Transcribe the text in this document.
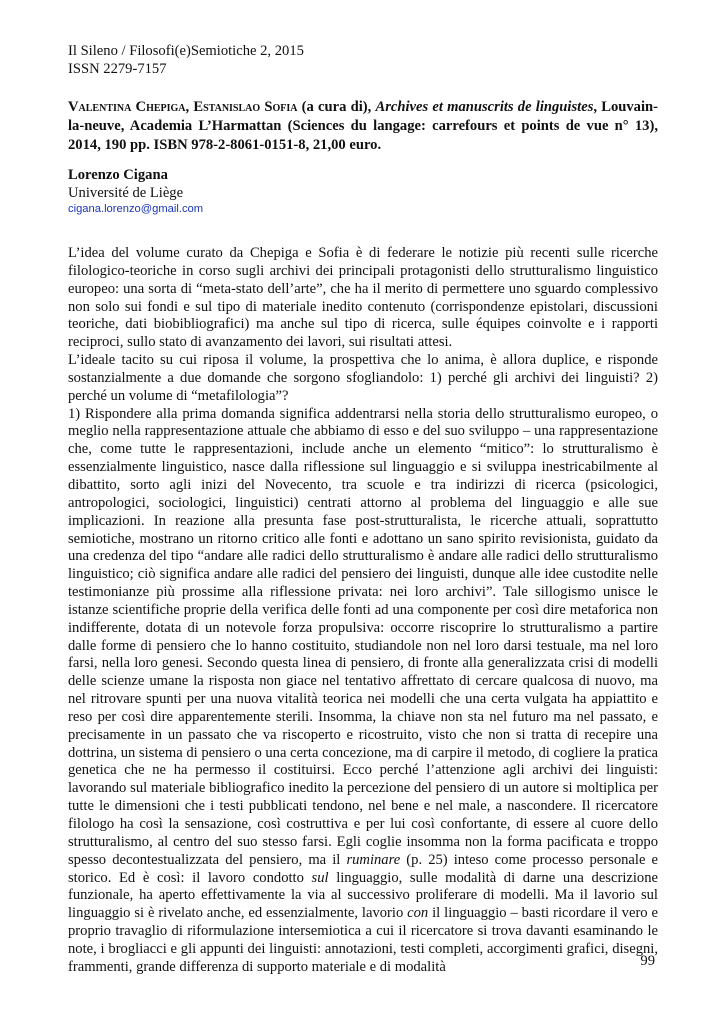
Il Sileno / Filosofi(e)Semiotiche 2, 2015
ISSN 2279-7157
Valentina Chepiga, Estanislao Sofia (a cura di), Archives et manuscrits de linguistes, Louvain-la-neuve, Academia L’Harmattan (Sciences du langage: carrefours et points de vue n° 13), 2014, 190 pp. ISBN 978-2-8061-0151-8, 21,00 euro.
Lorenzo Cigana
Université de Liège
cigana.lorenzo@gmail.com

L’idea del volume curato da Chepiga e Sofia è di federare le notizie più recenti sulle ricerche filologico-teoriche in corso sugli archivi dei principali protagonisti dello strutturalismo linguistico europeo: una sorta di “meta-stato dell’arte”, che ha il merito di permettere uno sguardo complessivo non solo sui fondi e sul tipo di materiale inedito contenuto (corrispondenze epistolari, discussioni teoriche, dati biobibliografici) ma anche sul tipo di ricerca, sulle équipes coinvolte e i rapporti reciproci, sullo stato di avanzamento dei lavori, sui risultati attesi.

L’ideale tacito su cui riposa il volume, la prospettiva che lo anima, è allora duplice, e risponde sostanzialmente a due domande che sorgono sfogliandolo: 1) perché gli archivi dei linguisti? 2) perché un volume di “metafilologia”?

1) Rispondere alla prima domanda significa addentrarsi nella storia dello strutturalismo europeo, o meglio nella rappresentazione attuale che abbiamo di esso e del suo sviluppo – una rappresentazione che, come tutte le rappresentazioni, include anche un elemento “mitico”: lo strutturalismo è essenzialmente linguistico, nasce dalla riflessione sul linguaggio e si sviluppa inestricabilmente al dibattito, sorto agli inizi del Novecento, tra scuole e tra indirizzi di ricerca (psicologici, antropologici, sociologici, linguistici) centrati attorno al problema del linguaggio e alle sue implicazioni. In reazione alla presunta fase post-strutturalista, le ricerche attuali, soprattutto semiotiche, mostrano un ritorno critico alle fonti e adottano un sano spirito revisionista, guidato da una credenza del tipo “andare alle radici dello strutturalismo è andare alle radici dello strutturalismo linguistico; ciò significa andare alle radici del pensiero dei linguisti, dunque alle idee custodite nelle testimonianze più prossime alla riflessione privata: nei loro archivi”. Tale sillogismo unisce le istanze scientifiche proprie della verifica delle fonti ad una componente per così dire metaforica non indifferente, dotata di un notevole forza propulsiva: occorre riscoprire lo strutturalismo a partire dalle forme di pensiero che lo hanno costituito, studiandole non nel loro darsi testuale, ma nel loro farsi, nella loro genesi. Secondo questa linea di pensiero, di fronte alla generalizzata crisi di modelli delle scienze umane la risposta non giace nel tentativo affrettato di cercare qualcosa di nuovo, ma nel ritrovare spunti per una nuova vitalità teorica nei modelli che una certa vulgata ha appiattito e reso per così dire apparentemente sterili. Insomma, la chiave non sta nel futuro ma nel passato, e precisamente in un passato che va riscoperto e ricostruito, visto che non si tratta di recepire una dottrina, un sistema di pensiero o una certa concezione, ma di carpire il metodo, di cogliere la pratica genetica che ne ha permesso il costituirsi. Ecco perché l’attenzione agli archivi dei linguisti: lavorando sul materiale bibliografico inedito la percezione del pensiero di un autore si moltiplica per tutte le dimensioni che i testi pubblicati tendono, nel bene e nel male, a nascondere. Il ricercatore filologo ha così la sensazione, così costruttiva e per lui così confortante, di essere al cuore dello strutturalismo, al centro del suo stesso farsi. Egli coglie insomma non la forma pacificata e troppo spesso decontestualizzata del pensiero, ma il ruminare (p. 25) inteso come processo personale e storico. Ed è così: il lavoro condotto sul linguaggio, sulle modalità di darne una descrizione funzionale, ha aperto effettivamente la via al successivo proliferare di modelli. Ma il lavorio sul linguaggio si è rivelato anche, ed essenzialmente, lavorio con il linguaggio – basti ricordare il vero e proprio travaglio di riformulazione intersemiotica a cui il ricercatore si trova davanti esaminando le note, i brogliacci e gli appunti dei linguisti: annotazioni, testi completi, accorgimenti grafici, disegni, frammenti, grande differenza di supporto materiale e di modalità	99
